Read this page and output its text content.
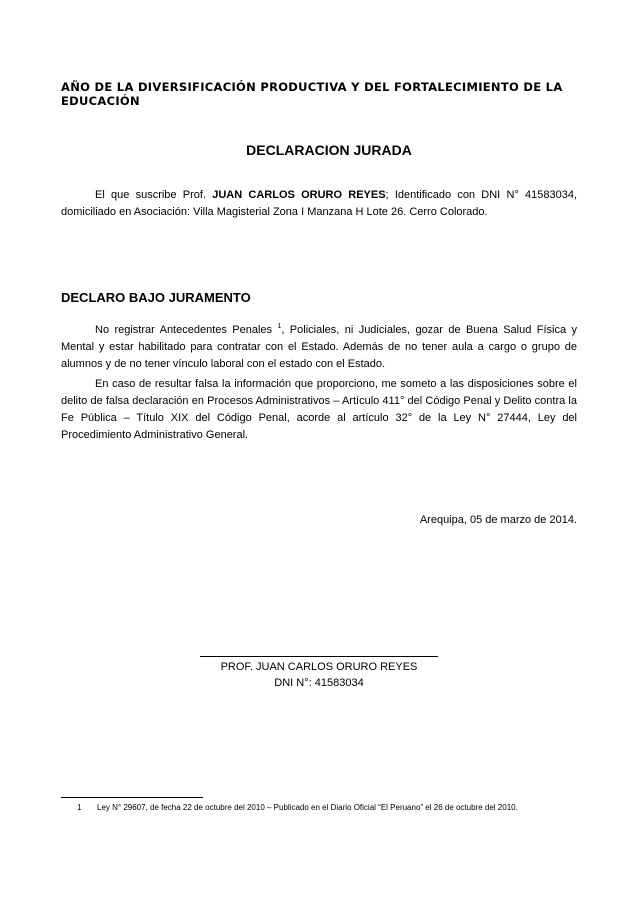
AÑO DE LA DIVERSIFICACIÓN PRODUCTIVA Y DEL FORTALECIMIENTO DE LA EDUCACIÓN
DECLARACION JURADA
El que suscribe Prof. JUAN CARLOS ORURO REYES; Identificado con DNI N° 41583034, domiciliado en Asociación: Villa Magisterial Zona I Manzana H Lote 26. Cerro Colorado.
DECLARO BAJO JURAMENTO
No registrar Antecedentes Penales $^1$, Policiales, ni Judiciales, gozar de Buena Salud Física y Mental y estar habilitado para contratar con el Estado. Además de no tener aula a cargo o grupo de alumnos y de no tener vínculo laboral con el estado con el Estado.
En caso de resultar falsa la información que proporciono, me someto a las disposiciones sobre el delito de falsa declaración en Procesos Administrativos – Artículo 411° del Código Penal y Delito contra la Fe Pública – Título XIX del Código Penal, acorde al artículo 32° de la Ley N° 27444, Ley del Procedimiento Administrativo General.
Arequipa, 05 de marzo de 2014.
PROF. JUAN CARLOS ORURO REYES
DNI N°: 41583034
1 Ley N° 29607, de fecha 22 de octubre del 2010 – Publicado en el Diario Oficial “El Peruano” el 26 de octubre del 2010.
